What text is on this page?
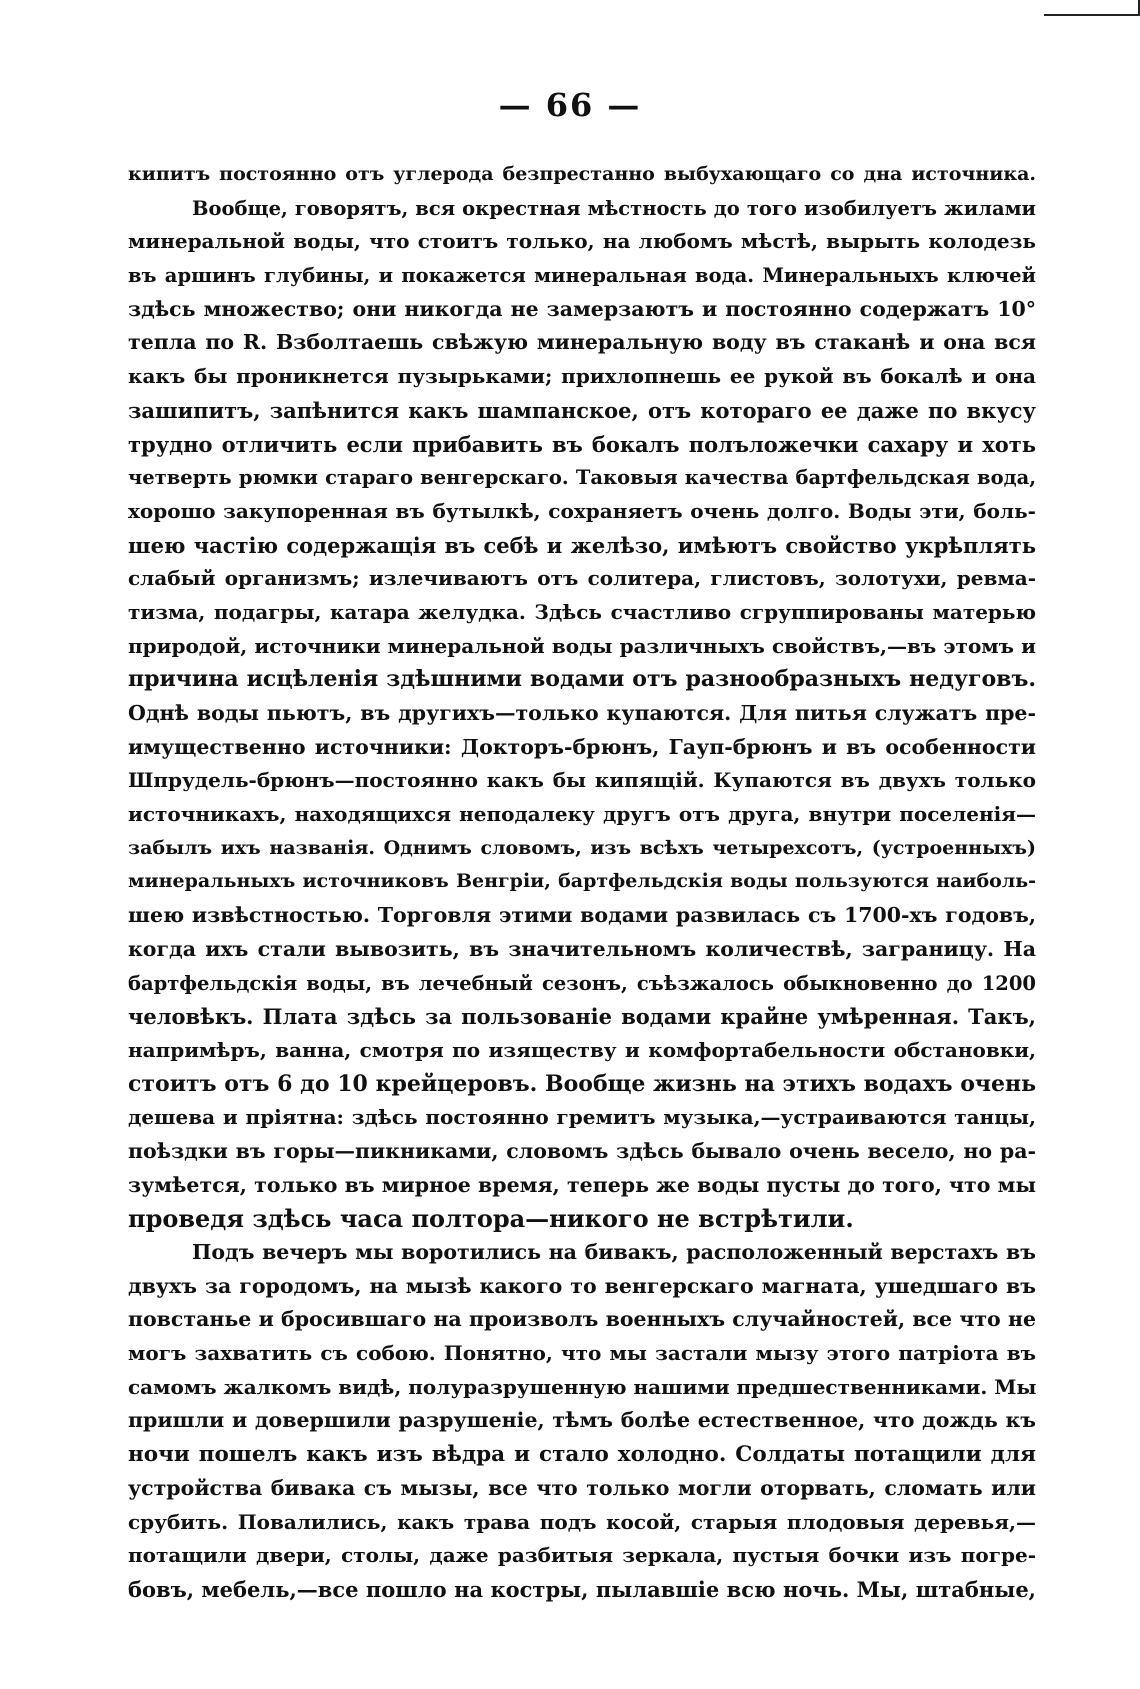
— 66 —
кипитъ постоянно отъ углерода безпрестанно выбухающаго со дна источника.
Вообще, говорятъ, вся окрестная мѣстность до того изобилуетъ жилами
минеральной воды, что стоитъ только, на любомъ мѣстѣ, вырыть колодезь
въ аршинъ глубины, и покажется минеральная вода. Минеральныхъ ключей
здѣсь множество; они никогда не замерзаютъ и постоянно содержатъ 10°
тепла по R. Взболтаешь свѣжую минеральную воду въ стаканѣ и она вся
какъ бы проникнется пузырьками; прихлопнешь ее рукой въ бокалѣ и она
зашипитъ, запѣнится какъ шампанское, отъ котораго ее даже по вкусу
трудно отличить если прибавить въ бокалъ полъложечки сахару и хоть
четверть рюмки стараго венгерскаго. Таковыя качества бартфельдская вода,
хорошо закупоренная въ бутылкѣ, сохраняетъ очень долго. Воды эти, боль-
шею частію содержащія въ себѣ и желѣзо, имѣютъ свойство укрѣплять
слабый организмъ; излечиваютъ отъ солитера, глистовъ, золотухи, ревма-
тизма, подагры, катара желудка. Здѣсь счастливо сгруппированы матерью
природой, источники минеральной воды различныхъ свойствъ,—въ этомъ и
причина исцѣленія здѣшними водами отъ разнообразныхъ недуговъ.
Однѣ воды пьютъ, въ другихъ—только купаются. Для питья служатъ пре-
имущественно источники: Докторъ-брюнъ, Гауп-брюнъ и въ особенности
Шпрудель-брюнъ—постоянно какъ бы кипящій. Купаются въ двухъ только
источникахъ, находящихся неподалеку другъ отъ друга, внутри поселенія—
забылъ ихъ названія. Однимъ словомъ, изъ всѣхъ четырехсотъ, (устроенныхъ)
минеральныхъ источниковъ Венгріи, бартфельдскія воды пользуются наиболь-
шею извѣстностью. Торговля этими водами развилась съ 1700-хъ годовъ,
когда ихъ стали вывозить, въ значительномъ количествѣ, заграницу. На
бартфельдскія воды, въ лечебный сезонъ, съѣзжалось обыкновенно до 1200
человѣкъ. Плата здѣсь за пользованіе водами крайне умѣренная. Такъ,
напримѣръ, ванна, смотря по изяществу и комфортабельности обстановки,
стоитъ отъ 6 до 10 крейцеровъ. Вообще жизнь на этихъ водахъ очень
дешева и пріятна: здѣсь постоянно гремитъ музыка,—устраиваются танцы,
поѣздки въ горы—пикниками, словомъ здѣсь бывало очень весело, но ра-
зумѣется, только въ мирное время, теперь же воды пусты до того, что мы
проведя здѣсь часа полтора—никого не встрѣтили.
Подъ вечеръ мы воротились на бивакъ, расположенный верстахъ въ
двухъ за городомъ, на мызѣ какого то венгерскаго магната, ушедшаго въ
повстанье и бросившаго на произволъ военныхъ случайностей, все что не
могъ захватить съ собою. Понятно, что мы застали мызу этого патріота въ
самомъ жалкомъ видѣ, полуразрушенную нашими предшественниками. Мы
пришли и довершили разрушеніе, тѣмъ болѣе естественное, что дождь къ
ночи пошелъ какъ изъ вѣдра и стало холодно. Солдаты потащили для
устройства бивака съ мызы, все что только могли оторвать, сломать или
срубить. Повалились, какъ трава подъ косой, старыя плодовыя деревья,—
потащили двери, столы, даже разбитыя зеркала, пустыя бочки изъ погре-
бовъ, мебель,—все пошло на костры, пылавшіе всю ночь. Мы, штабные,
